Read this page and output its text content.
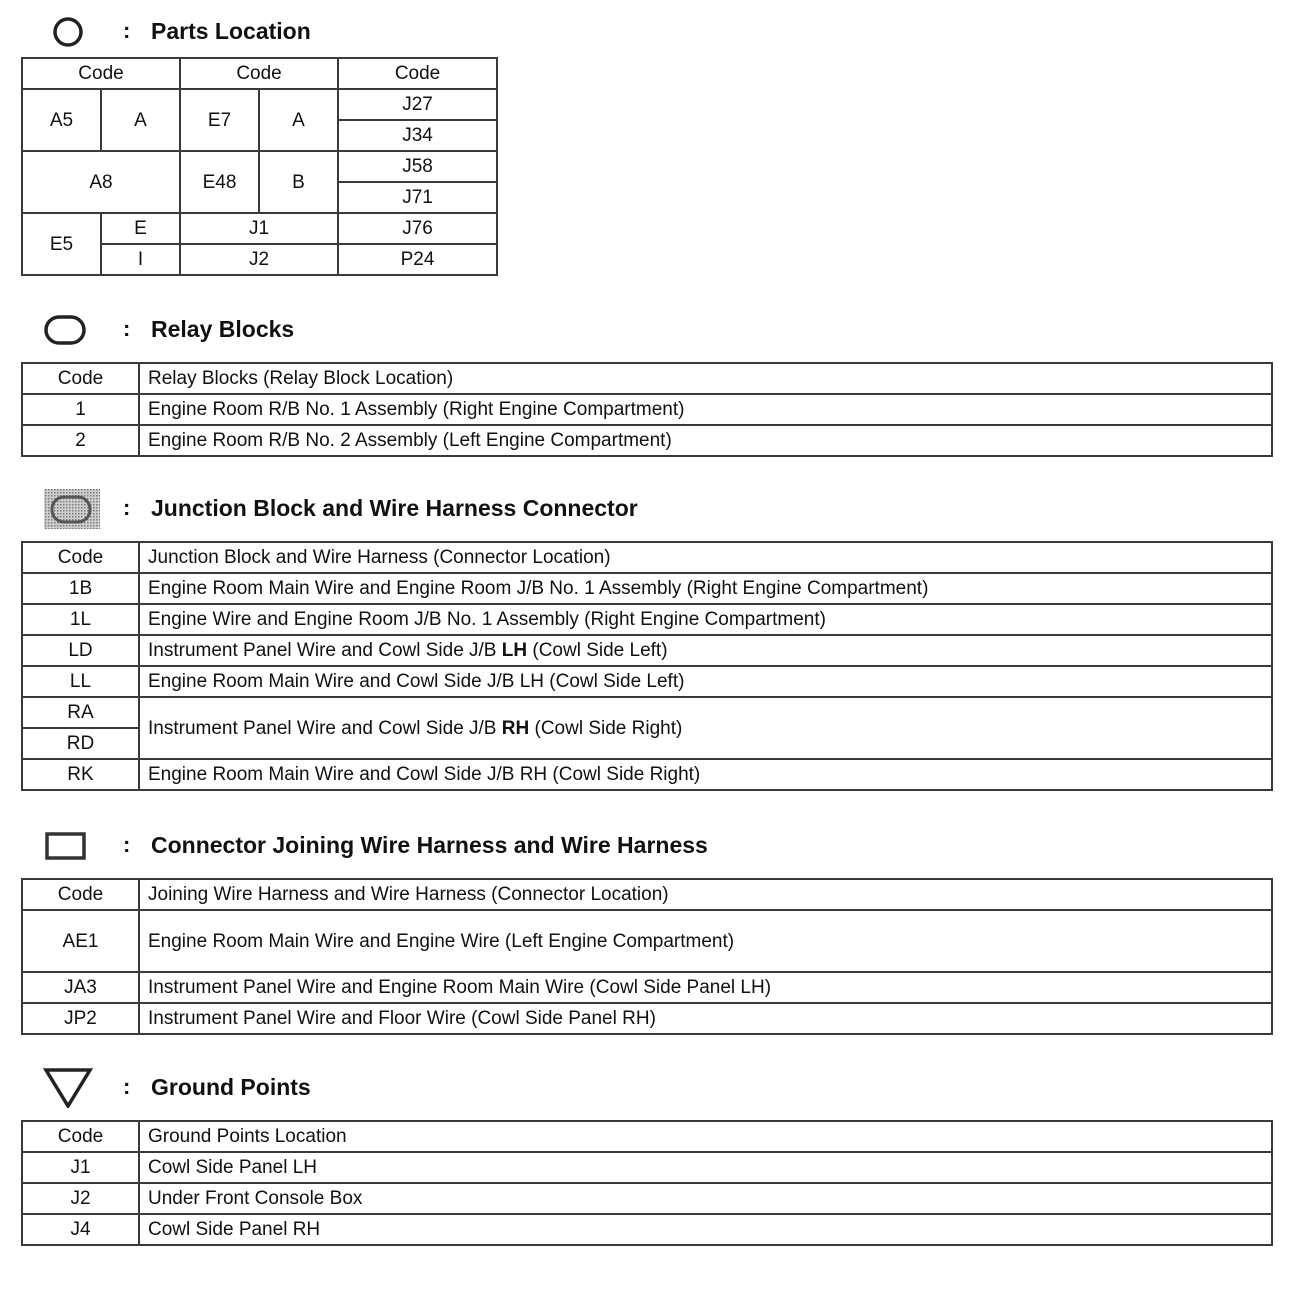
: Parts Location
Code		Code		Code
A5	A	E7	A	J27
				J34
A8		E48	B	J58
				J71
E5	E	J1		J76
	I	J2		P24
: Relay Blocks
Code	Relay Blocks (Relay Block Location)
1	Engine Room R/B No. 1 Assembly (Right Engine Compartment)
2	Engine Room R/B No. 2 Assembly (Left Engine Compartment)
: Junction Block and Wire Harness Connector
Code	Junction Block and Wire Harness (Connector Location)
1B	Engine Room Main Wire and Engine Room J/B No. 1 Assembly (Right Engine Compartment)
1L	Engine Wire and Engine Room J/B No. 1 Assembly (Right Engine Compartment)
LD	Instrument Panel Wire and Cowl Side J/B LH (Cowl Side Left)
LL	Engine Room Main Wire and Cowl Side J/B LH (Cowl Side Left)
RA	Instrument Panel Wire and Cowl Side J/B RH (Cowl Side Right)
RD	
RK	Engine Room Main Wire and Cowl Side J/B RH (Cowl Side Right)
: Connector Joining Wire Harness and Wire Harness
Code	Joining Wire Harness and Wire Harness (Connector Location)
AE1	Engine Room Main Wire and Engine Wire (Left Engine Compartment)
JA3	Instrument Panel Wire and Engine Room Main Wire (Cowl Side Panel LH)
JP2	Instrument Panel Wire and Floor Wire (Cowl Side Panel RH)
: Ground Points
Code	Ground Points Location
J1	Cowl Side Panel LH
J2	Under Front Console Box
J4	Cowl Side Panel RH
